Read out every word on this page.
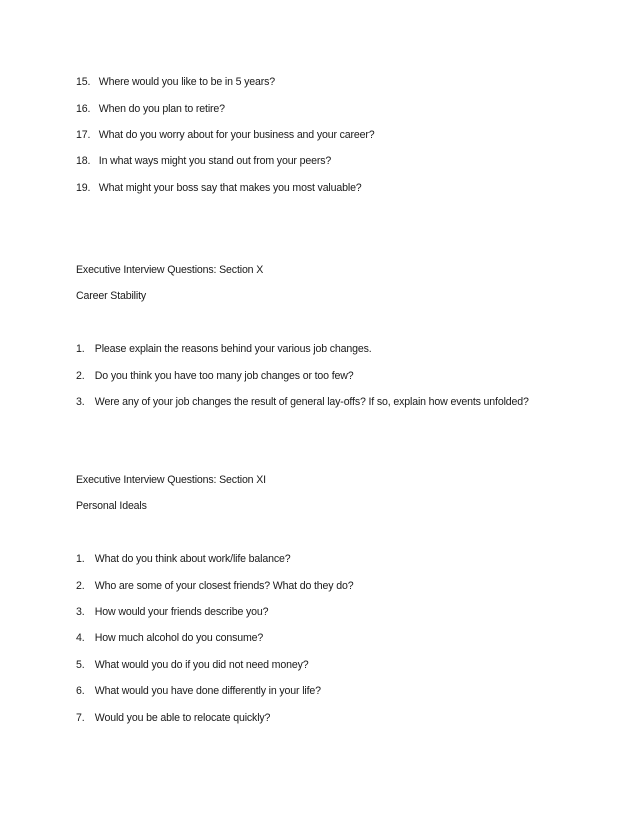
15. Where would you like to be in 5 years?
16. When do you plan to retire?
17. What do you worry about for your business and your career?
18. In what ways might you stand out from your peers?
19. What might your boss say that makes you most valuable?
Executive Interview Questions: Section X
Career Stability
1. Please explain the reasons behind your various job changes.
2. Do you think you have too many job changes or too few?
3. Were any of your job changes the result of general lay-offs? If so, explain how events unfolded?
Executive Interview Questions: Section XI
Personal Ideals
1. What do you think about work/life balance?
2. Who are some of your closest friends? What do they do?
3. How would your friends describe you?
4. How much alcohol do you consume?
5. What would you do if you did not need money?
6. What would you have done differently in your life?
7. Would you be able to relocate quickly?
